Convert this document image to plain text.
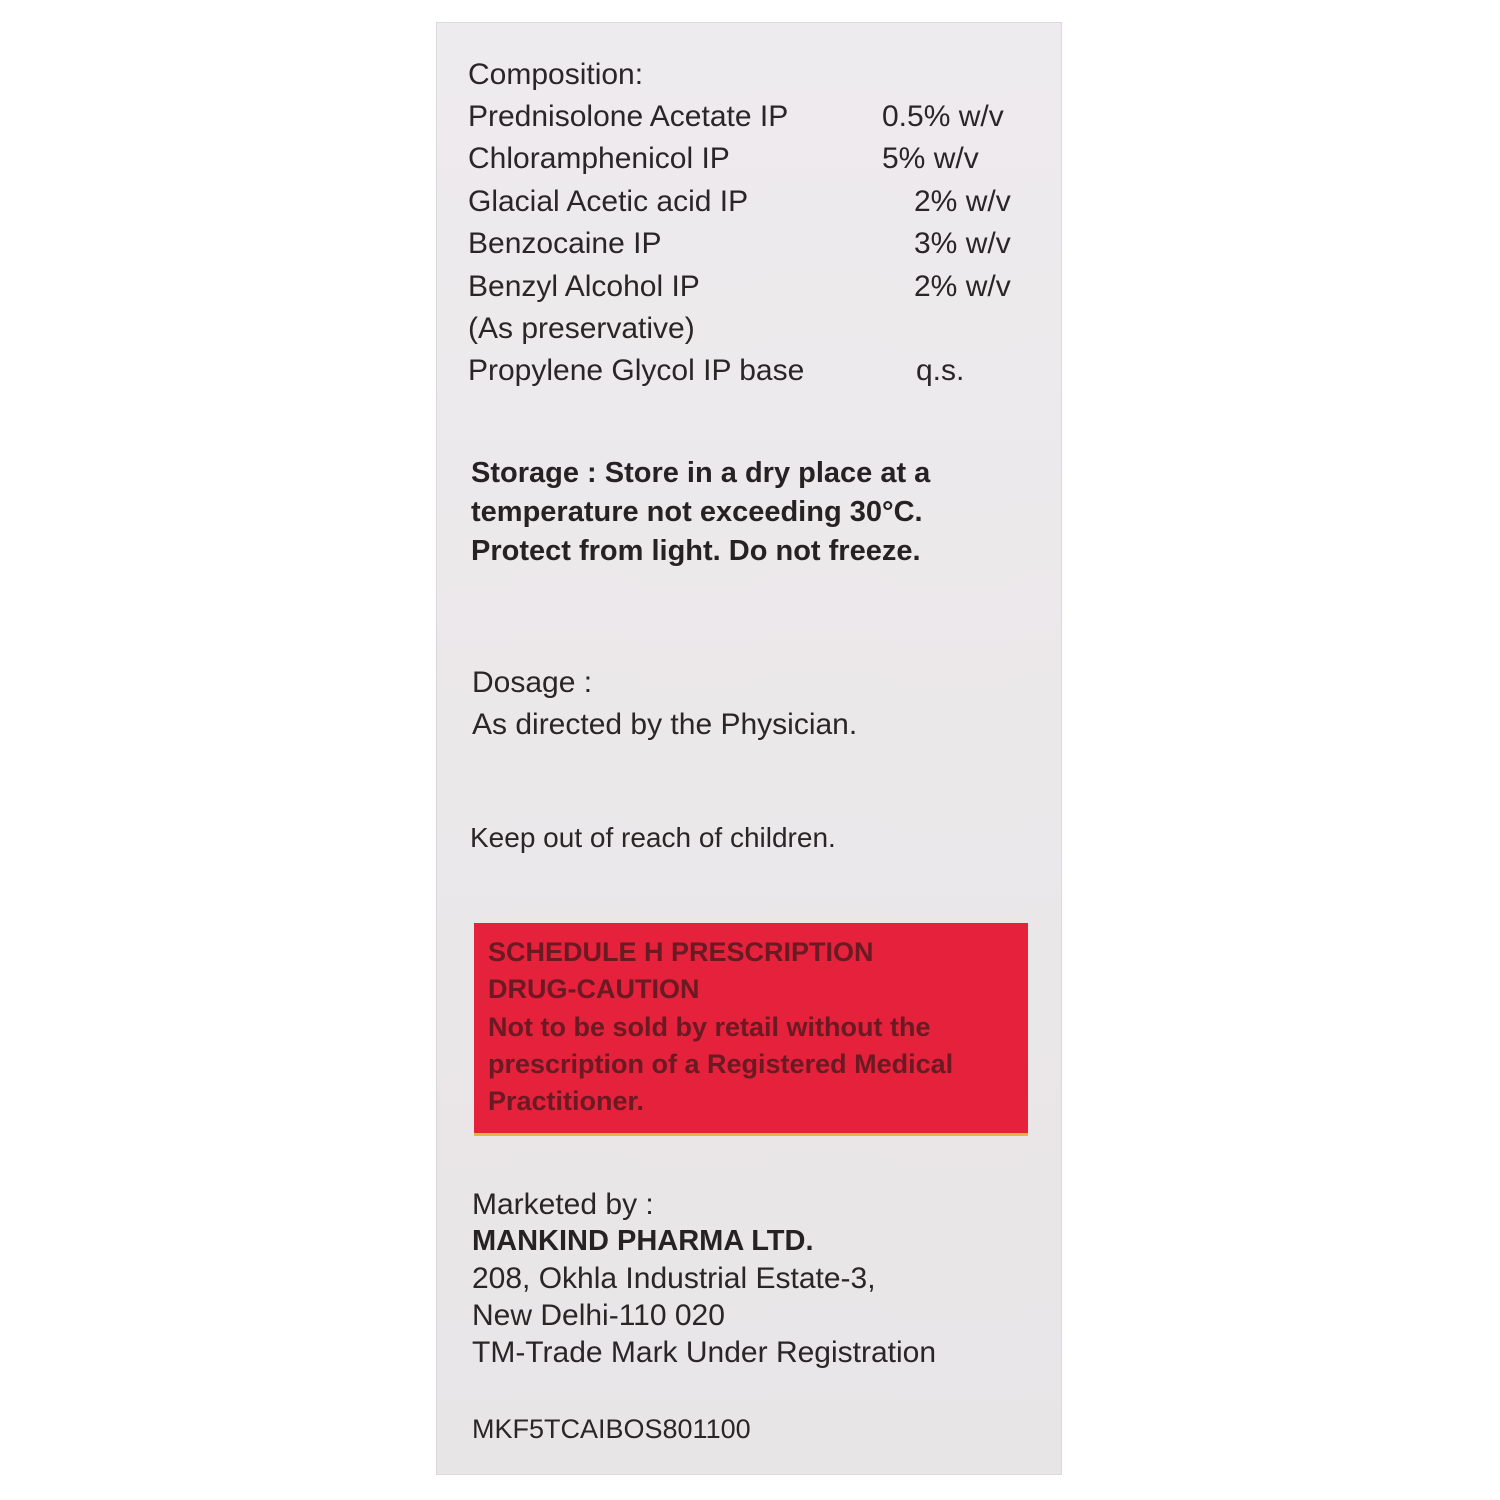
Composition:
Prednisolone Acetate IP	0.5% w/v
Chloramphenicol IP	5% w/v
Glacial Acetic acid IP	2% w/v
Benzocaine IP	3% w/v
Benzyl Alcohol IP	2% w/v
(As preservative)
Propylene Glycol IP base	q.s.
Storage : Store in a dry place at a
temperature not exceeding 30°C.
Protect from light. Do not freeze.
Dosage :
As directed by the Physician.
Keep out of reach of children.
SCHEDULE H PRESCRIPTION
DRUG-CAUTION
Not to be sold by retail without the
prescription of a Registered Medical
Practitioner.
Marketed by :
MANKIND PHARMA LTD.
208, Okhla Industrial Estate-3,
New Delhi-110 020
TM-Trade Mark Under Registration
MKF5TCAIBOS801100
